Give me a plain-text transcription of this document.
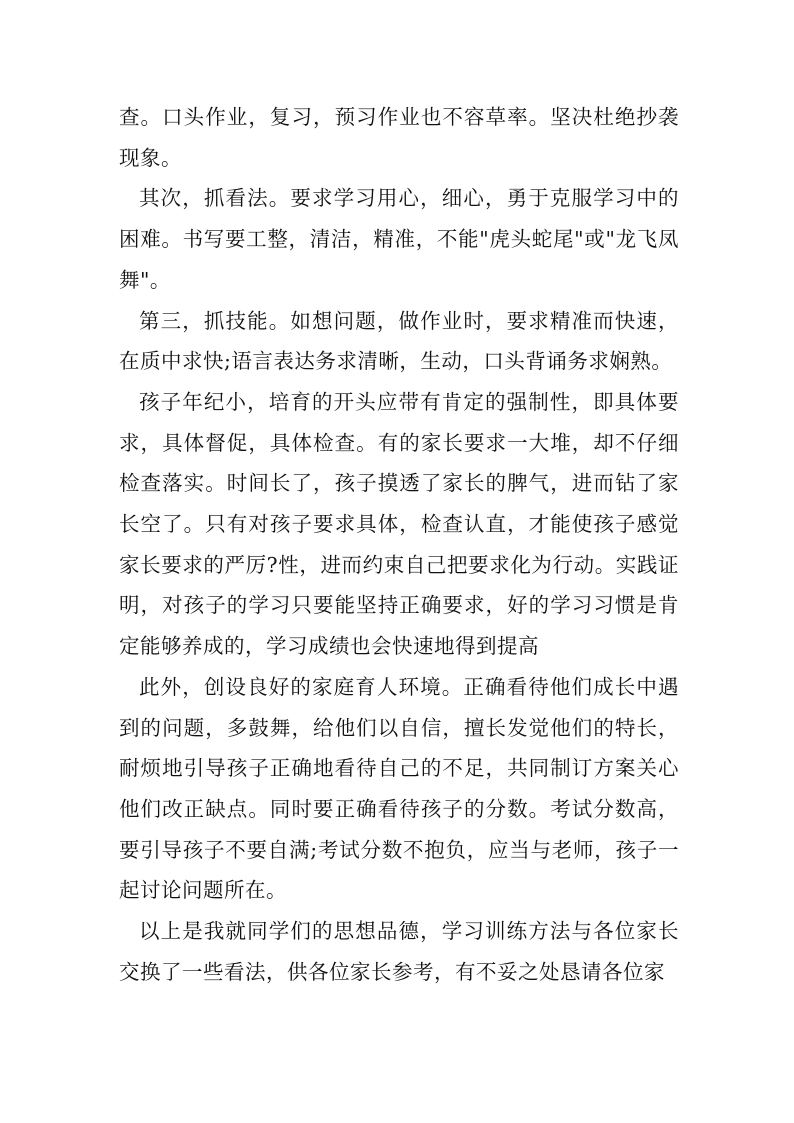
查。口头作业，复习，预习作业也不容草率。坚决杜绝抄袭现象。

其次，抓看法。要求学习用心，细心，勇于克服学习中的困难。书写要工整，清洁，精准，不能"虎头蛇尾"或"龙飞凤舞"。

第三，抓技能。如想问题，做作业时，要求精准而快速，在质中求快;语言表达务求清晰，生动，口头背诵务求娴熟。

孩子年纪小，培育的开头应带有肯定的强制性，即具体要求，具体督促，具体检查。有的家长要求一大堆，却不仔细检查落实。时间长了，孩子摸透了家长的脾气，进而钻了家长空了。只有对孩子要求具体，检查认直，才能使孩子感觉家长要求的严厉?性，进而约束自己把要求化为行动。实践证明，对孩子的学习只要能坚持正确要求，好的学习习惯是肯定能够养成的，学习成绩也会快速地得到提高

此外，创设良好的家庭育人环境。正确看待他们成长中遇到的问题，多鼓舞，给他们以自信，擅长发觉他们的特长，耐烦地引导孩子正确地看待自己的不足，共同制订方案关心他们改正缺点。同时要正确看待孩子的分数。考试分数高，要引导孩子不要自满;考试分数不抱负，应当与老师，孩子一起讨论问题所在。

以上是我就同学们的思想品德，学习训练方法与各位家长交换了一些看法，供各位家长参考，有不妥之处恳请各位家
